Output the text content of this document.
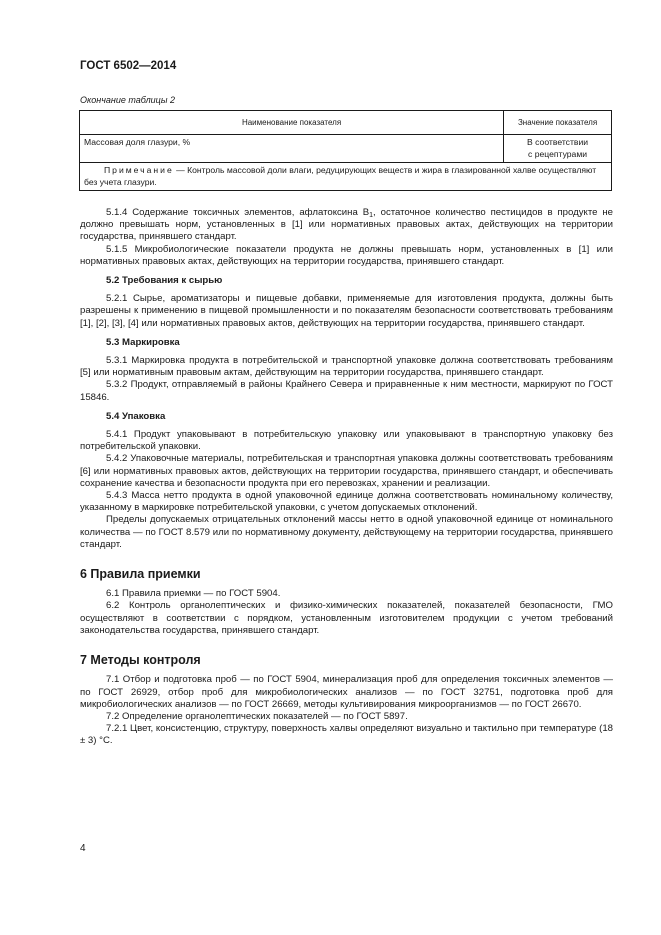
ГОСТ 6502—2014
Окончание таблицы 2
Наименование показателя	Значение показателя
Массовая доля глазури, %	В соответствии
с рецептурами
Примечание — Контроль массовой доли влаги, редуцирующих веществ и жира в глазированной халве осуществляют без учета глазури.	

5.1.4 Содержание токсичных элементов, афлатоксина $В_1$, остаточное количество пестицидов в продукте не должно превышать норм, установленных в [1] или нормативных правовых актах, действующих на территории государства, принявшего стандарт.

5.1.5 Микробиологические показатели продукта не должны превышать норм, установленных в [1] или нормативных правовых актах, действующих на территории государства, принявшего стандарт.

5.2 Требования к сырью

5.2.1 Сырье, ароматизаторы и пищевые добавки, применяемые для изготовления продукта, должны быть разрешены к применению в пищевой промышленности и по показателям безопасности соответствовать требованиям [1], [2], [3], [4] или нормативных правовых актов, действующих на территории государства, принявшего стандарт.

5.3 Маркировка

5.3.1 Маркировка продукта в потребительской и транспортной упаковке должна соответствовать требованиям [5] или нормативным правовым актам, действующим на территории государства, принявшего стандарт.

5.3.2 Продукт, отправляемый в районы Крайнего Севера и приравненные к ним местности, маркируют по ГОСТ 15846.

5.4 Упаковка

5.4.1 Продукт упаковывают в потребительскую упаковку или упаковывают в транспортную упаковку без потребительской упаковки.

5.4.2 Упаковочные материалы, потребительская и транспортная упаковка должны соответствовать требованиям [6] или нормативных правовых актов, действующих на территории государства, принявшего стандарт, и обеспечивать сохранение качества и безопасности продукта при его перевозках, хранении и реализации.

5.4.3 Масса нетто продукта в одной упаковочной единице должна соответствовать номинальному количеству, указанному в маркировке потребительской упаковки, с учетом допускаемых отклонений.

Пределы допускаемых отрицательных отклонений массы нетто в одной упаковочной единице от номинального количества — по ГОСТ 8.579 или по нормативному документу, действующему на территории государства, принявшего стандарт.

6 Правила приемки

6.1 Правила приемки — по ГОСТ 5904.

6.2 Контроль органолептических и физико-химических показателей, показателей безопасности, ГМО осуществляют в соответствии с порядком, установленным изготовителем продукции с учетом требований законодательства государства, принявшего стандарт.

7 Методы контроля

7.1 Отбор и подготовка проб — по ГОСТ 5904, минерализация проб для определения токсичных элементов — по ГОСТ 26929, отбор проб для микробиологических анализов — по ГОСТ 32751, подготовка проб для микробиологических анализов — по ГОСТ 26669, методы культивирования микроорганизмов — по ГОСТ 26670.

7.2 Определение органолептических показателей — по ГОСТ 5897.

7.2.1 Цвет, консистенцию, структуру, поверхность халвы определяют визуально и тактильно при температуре (18 ± 3) °С.

4
